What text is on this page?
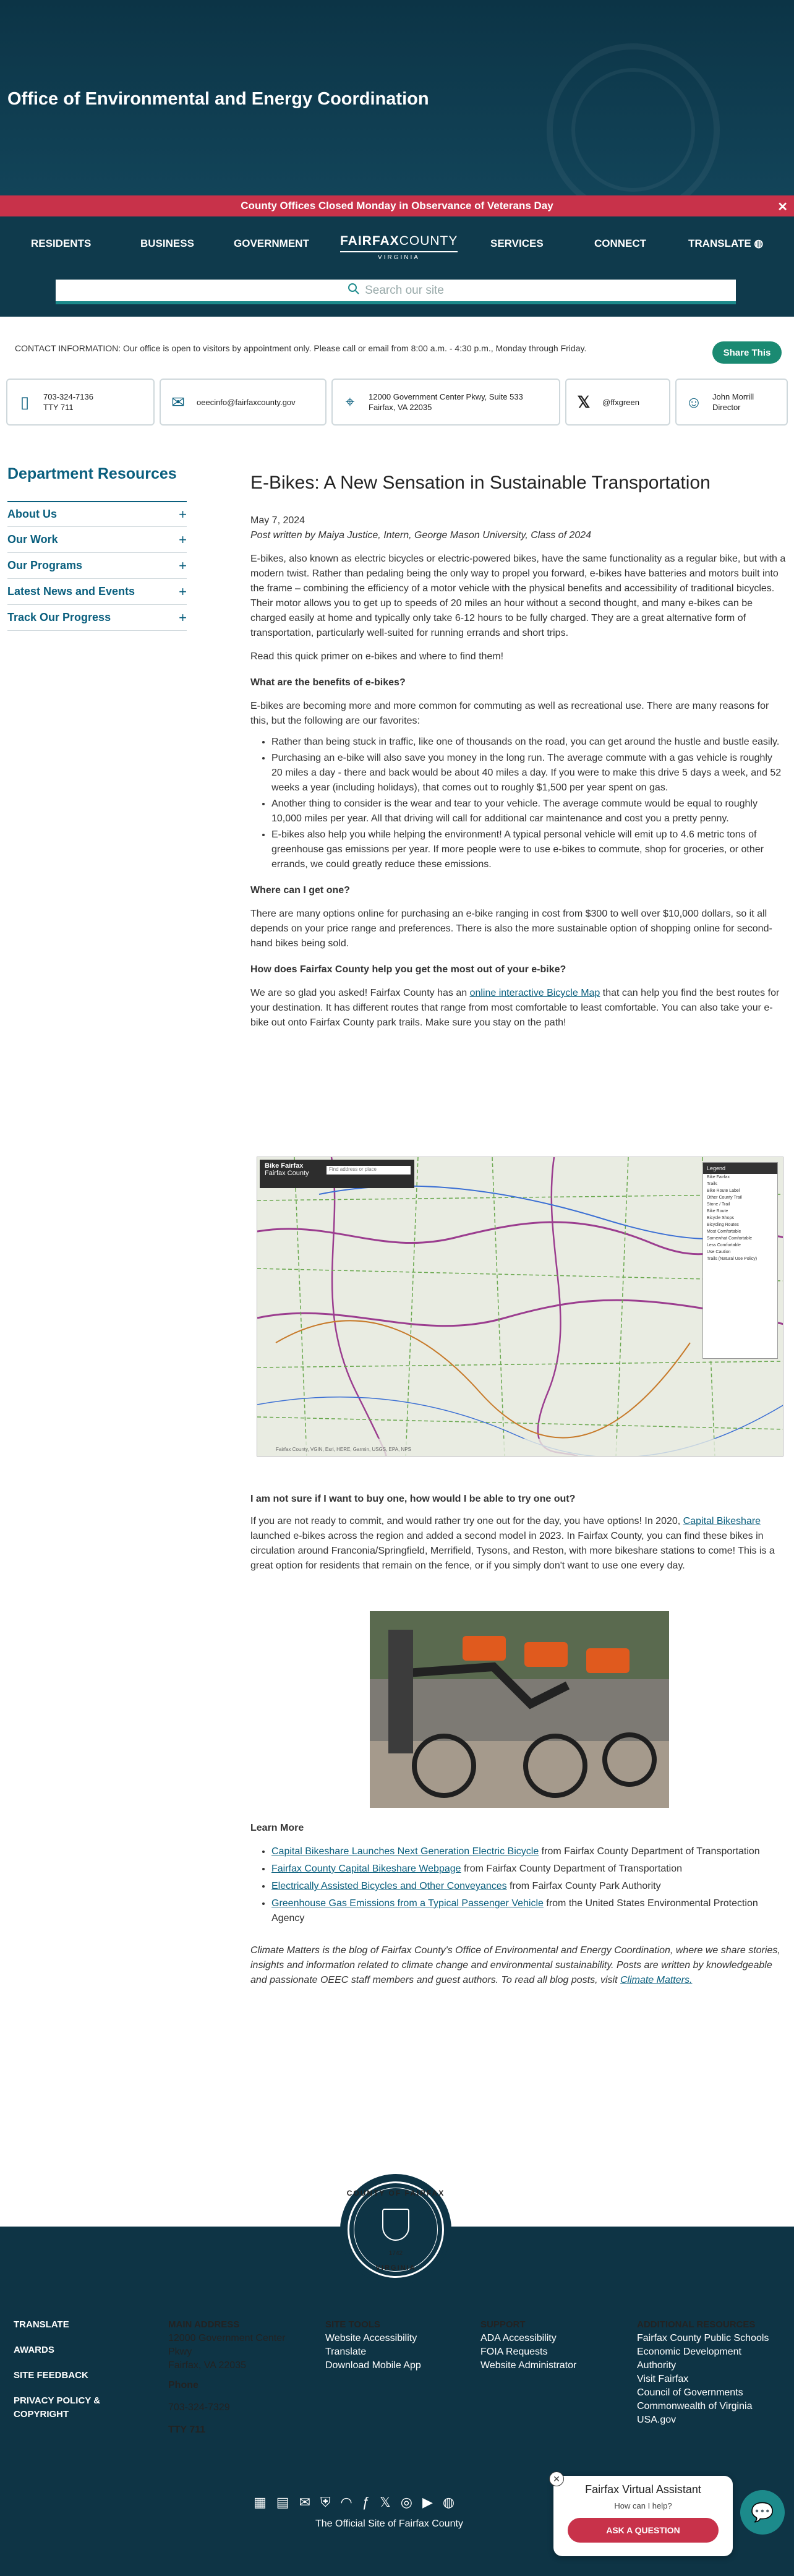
Office of Environmental and Energy Coordination
County Offices Closed Monday in Observance of Veterans Day	✕
RESIDENTS	BUSINESS	GOVERNMENT FAIRFAXCOUNTY
VIRGINIA
SERVICES	CONNECT	TRANSLATE ◍
Search our site
CONTACT INFORMATION: Our office is open to visitors by appointment only. Please call or email from 8:00 a.m. - 4:30 p.m., Monday through Friday.	Share This
▯	703-324-7136
TTY 711	✉	oeecinfo@fairfaxcounty.gov	⌖	12000 Government Center Pkwy, Suite 533
Fairfax, VA 22035	𝕏	@ffxgreen	☺	John Morrill
Director
Department Resources
About Us	+
Our Work	+
Our Programs	+
Latest News and Events	+
Track Our Progress	+
E-Bikes: A New Sensation in Sustainable Transportation
May 7, 2024
Post written by Maiya Justice, Intern, George Mason University, Class of 2024

E-bikes, also known as electric bicycles or electric-powered bikes, have the same functionality as a regular bike, but with a modern twist. Rather than pedaling being the only way to propel you forward, e-bikes have batteries and motors built into the frame – combining the efficiency of a motor vehicle with the physical benefits and accessibility of traditional bicycles. Their motor allows you to get up to speeds of 20 miles an hour without a second thought, and many e-bikes can be charged easily at home and typically only take 6-12 hours to be fully charged. They are a great alternative form of transportation, particularly well-suited for running errands and short trips.

Read this quick primer on e-bikes and where to find them!

What are the benefits of e-bikes?

E-bikes are becoming more and more common for commuting as well as recreational use. There are many reasons for this, but the following are our favorites:

• Rather than being stuck in traffic, like one of thousands on the road, you can get around the hustle and bustle easily.
• Purchasing an e-bike will also save you money in the long run. The average commute with a gas vehicle is roughly 20 miles a day - there and back would be about 40 miles a day. If you were to make this drive 5 days a week, and 52 weeks a year (including holidays), that comes out to roughly $1,500 per year spent on gas.
• Another thing to consider is the wear and tear to your vehicle. The average commute would be equal to roughly 10,000 miles per year. All that driving will call for additional car maintenance and cost you a pretty penny.
• E-bikes also help you while helping the environment! A typical personal vehicle will emit up to 4.6 metric tons of greenhouse gas emissions per year. If more people were to use e-bikes to commute, shop for groceries, or other errands, we could greatly reduce these emissions.
Where can I get one?

There are many options online for purchasing an e-bike ranging in cost from $300 to well over $10,000 dollars, so it all depends on your price range and preferences. There is also the more sustainable option of shopping online for second-hand bikes being sold.

How does Fairfax County help you get the most out of your e-bike?

We are so glad you asked! Fairfax County has an online interactive Bicycle Map that can help you find the best routes for your destination. It has different routes that range from most comfortable to least comfortable. You can also take your e-bike out onto Fairfax County park trails. Make sure you stay on the path!

Bike Fairfax
Fairfax County
Find address or place	Legend
Bike Fairfax
Trails
Bike Route Label
Other County Trail
Stone / Trail
Bike Route
Bicycle Shops
Bicycling Routes
Most Comfortable
Somewhat Comfortable
Less Comfortable
Use Caution
Trails (Natural Use Policy)
Fairfax County, VGIN, Esri, HERE, Garmin, USGS, EPA, NPS
I am not sure if I want to buy one, how would I be able to try one out?

If you are not ready to commit, and would rather try one out for the day, you have options! In 2020, Capital Bikeshare launched e-bikes across the region and added a second model in 2023. In Fairfax County, you can find these bikes in circulation around Franconia/Springfield, Merrifield, Tysons, and Reston, with more bikeshare stations to come! This is a great option for residents that remain on the fence, or if you simply don't want to use one every day.

Learn More
• Capital Bikeshare Launches Next Generation Electric Bicycle from Fairfax County Department of Transportation
• Fairfax County Capital Bikeshare Webpage from Fairfax County Department of Transportation
• Electrically Assisted Bicycles and Other Conveyances from Fairfax County Park Authority
• Greenhouse Gas Emissions from a Typical Passenger Vehicle from the United States Environmental Protection Agency

Climate Matters is the blog of Fairfax County's Office of Environmental and Energy Coordination, where we share stories, insights and information related to climate change and environmental sustainability. Posts are written by knowledgeable and passionate OEEC staff members and guest authors. To read all blog posts, visit Climate Matters.

COUNTY OF FAIRFAX
1742
VIRGINIA
TRANSLATE
AWARDS
SITE FEEDBACK
PRIVACY POLICY & COPYRIGHT
MAIN ADDRESS
12000 Government Center Pkwy
Fairfax, VA 22035
Phone
703-324-7329
TTY 711
SITE TOOLS
Website Accessibility
Translate
Download Mobile App
SUPPORT
ADA Accessibility
FOIA Requests
Website Administrator
ADDITIONAL RESOURCES
Fairfax County Public Schools
Economic Development Authority
Visit Fairfax
Council of Governments
Commonwealth of Virginia
USA.gov
▦ ▤ ✉ ⛨ ◠ ƒ 𝕏 ◎ ▶ ◍
The Official Site of Fairfax County
Fairfax Virtual Assistant
How can I help?
ASK A QUESTION
✕
💬
